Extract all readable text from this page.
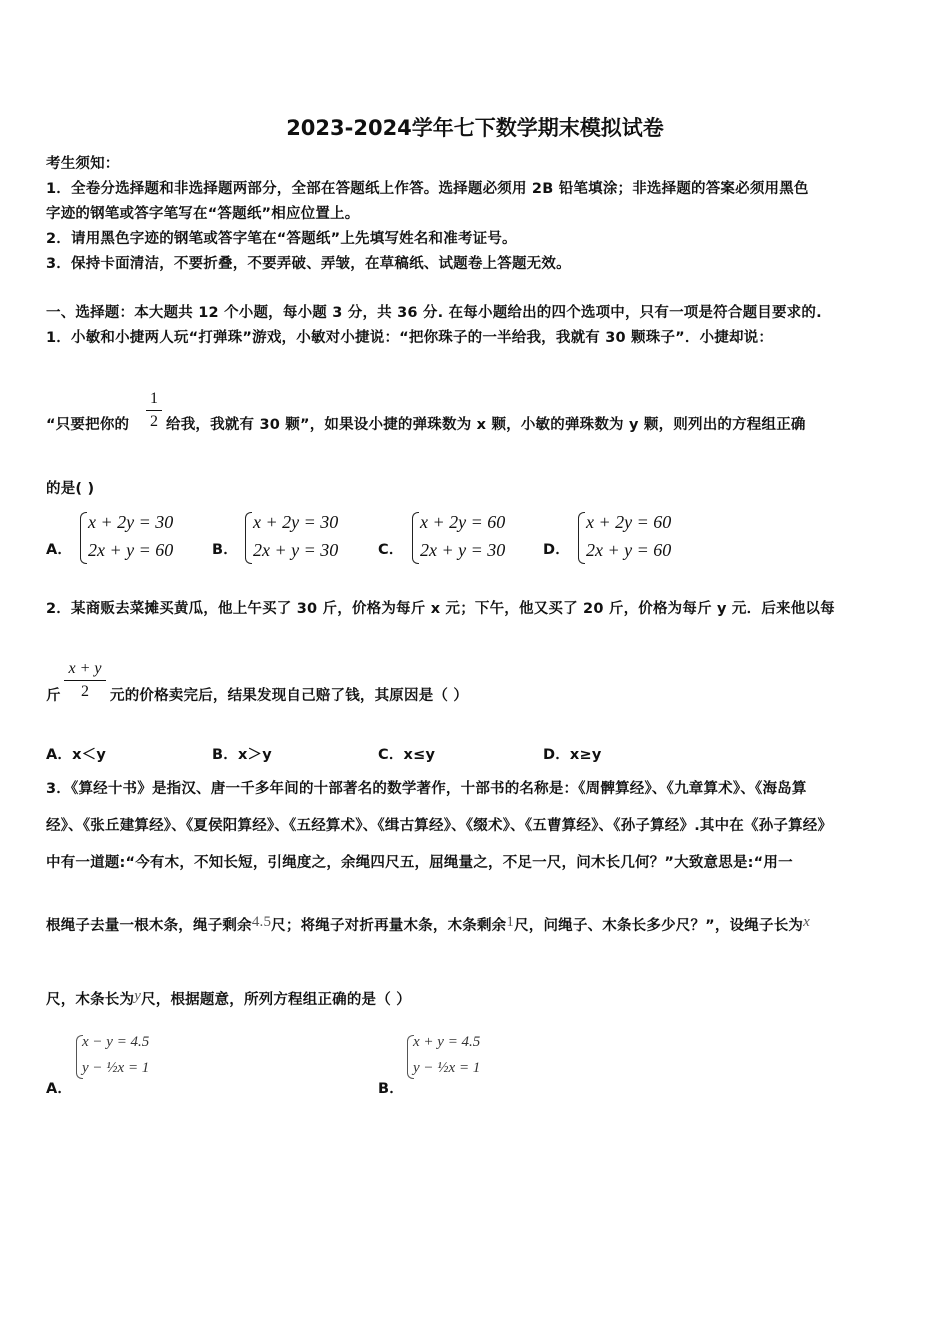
2023-2024学年七下数学期末模拟试卷
考生须知：
1．全卷分选择题和非选择题两部分，全部在答题纸上作答。选择题必须用 2B 铅笔填涂；非选择题的答案必须用黑色
字迹的钢笔或答字笔写在“答题纸”相应位置上。
2．请用黑色字迹的钢笔或答字笔在“答题纸”上先填写姓名和准考证号。
3．保持卡面清洁，不要折叠，不要弄破、弄皱，在草稿纸、试题卷上答题无效。
一、选择题：本大题共 12 个小题，每小题 3 分，共 36 分. 在每小题给出的四个选项中，只有一项是符合题目要求的.
1．小敏和小捷两人玩“打弹珠”游戏，小敏对小捷说：“把你珠子的一半给我，我就有 30 颗珠子”．小捷却说：
“只要把你的
1
2 给我，我就有 30 颗”，如果设小捷的弹珠数为 x 颗，小敏的弹珠数为 y 颗，则列出的方程组正确
的是( )
A．
x + 2y = 30
2x + y = 60	B．
x + 2y = 30
2x + y = 30	C．
x + 2y = 60
2x + y = 30	D．
x + 2y = 60
2x + y = 60
2．某商贩去菜摊买黄瓜，他上午买了 30 斤，价格为每斤 x 元；下午，他又买了 20 斤，价格为每斤 y 元．后来他以每
斤
x + y
2	元的价格卖完后，结果发现自己赔了钱，其原因是（ ）
A．x＜y	B．x＞y	C．x≤y	D．x≥y
3．《算经十书》是指汉、唐一千多年间的十部著名的数学著作，十部书的名称是：《周髀算经》、《九章算术》、《海岛算
经》、《张丘建算经》、《夏侯阳算经》、《五经算术》、《缉古算经》、《缀术》、《五曹算经》、《孙子算经》.其中在《孙子算经》
中有一道题:“今有木，不知长短，引绳度之，余绳四尺五，屈绳量之，不足一尺，问木长几何？”大致意思是:“用一
根绳子去量一根木条，绳子剩余4.5尺；将绳子对折再量木条，木条剩余1尺，问绳子、木条长多少尺？”，设绳子长为x
尺，木条长为y尺，根据题意，所列方程组正确的是（ ）
A．
x − y = 4.5
y − ½x = 1
B．
x + y = 4.5
y − ½x = 1
